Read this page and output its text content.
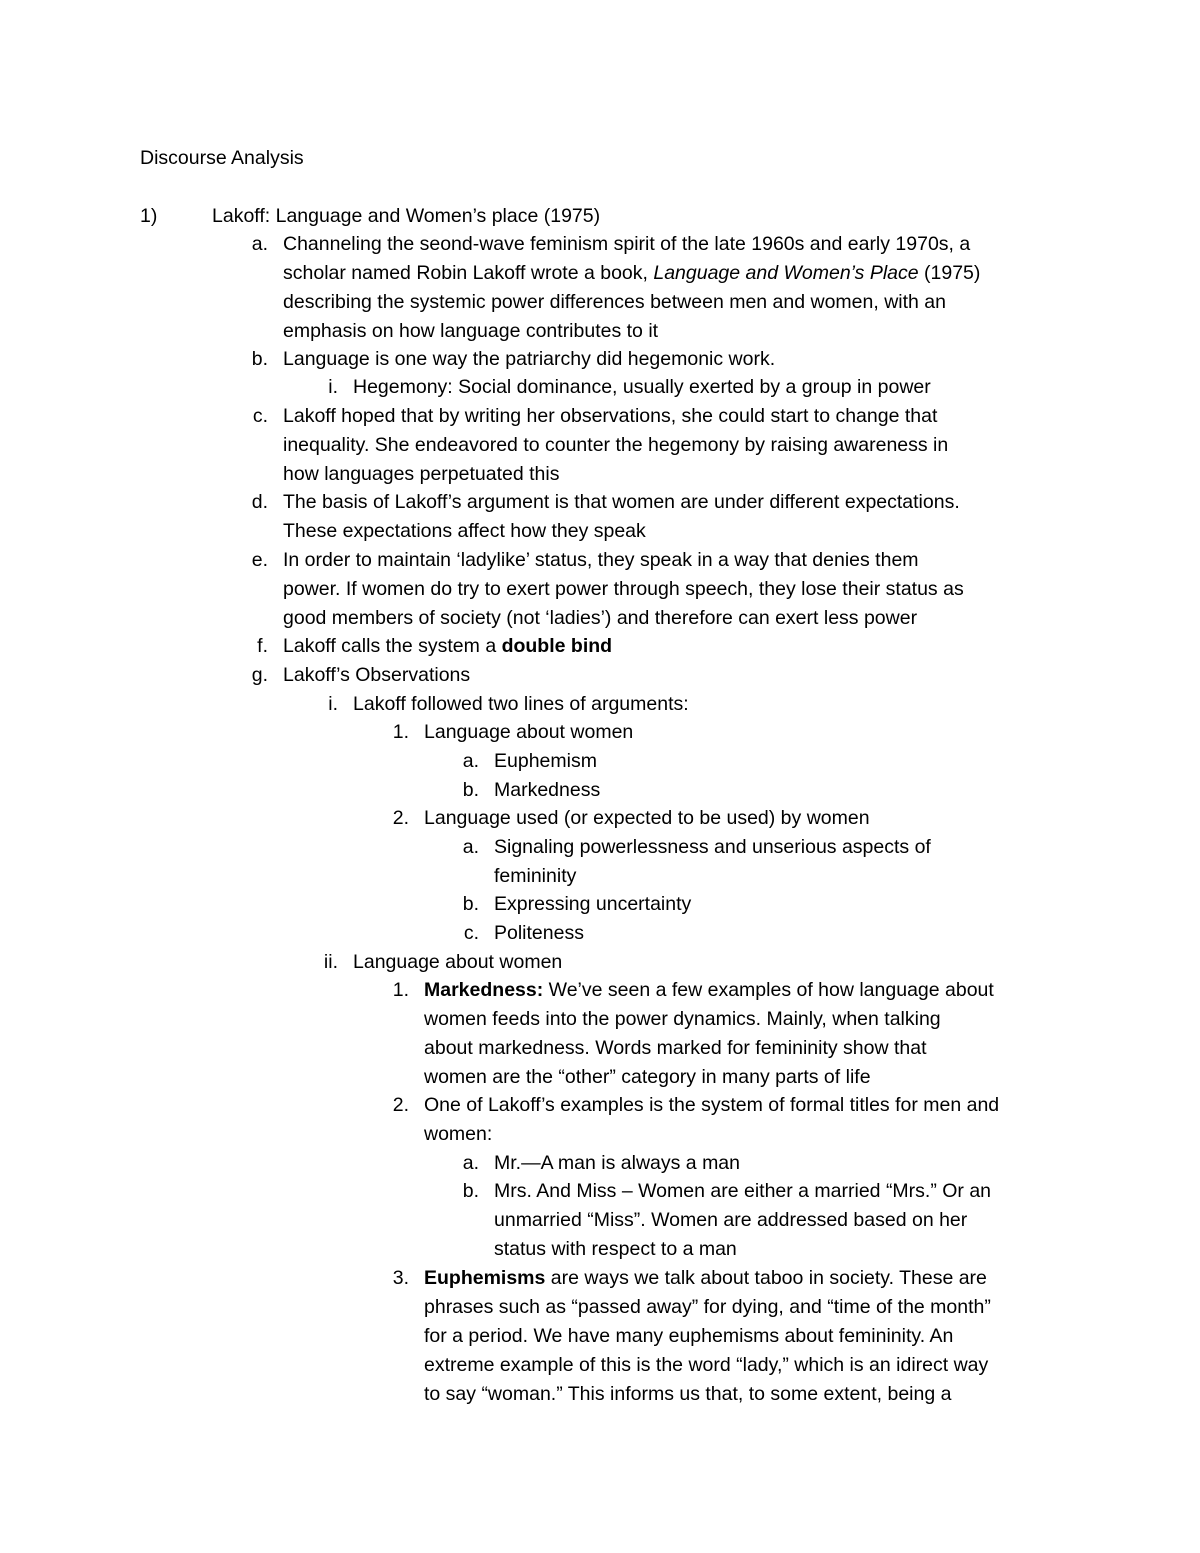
Discourse Analysis
1)	Lakoff: Language and Women’s place (1975)
a. Channeling the seond-wave feminism spirit of the late 1960s and early 1970s, a
scholar named Robin Lakoff wrote a book, Language and Women’s Place (1975)
describing the systemic power differences between men and women, with an
emphasis on how language contributes to it
b. Language is one way the patriarchy did hegemonic work.
i. Hegemony: Social dominance, usually exerted by a group in power
c. Lakoff hoped that by writing her observations, she could start to change that
inequality. She endeavored to counter the hegemony by raising awareness in
how languages perpetuated this
d. The basis of Lakoff’s argument is that women are under different expectations.
These expectations affect how they speak
e. In order to maintain ‘ladylike’ status, they speak in a way that denies them
power. If women do try to exert power through speech, they lose their status as
good members of society (not ‘ladies’) and therefore can exert less power
f. Lakoff calls the system a double bind
g. Lakoff’s Observations
i. Lakoff followed two lines of arguments:
1. Language about women
a. Euphemism
b. Markedness
2. Language used (or expected to be used) by women
a. Signaling powerlessness and unserious aspects of
femininity
b. Expressing uncertainty
c. Politeness
ii. Language about women
1. Markedness: We’ve seen a few examples of how language about
women feeds into the power dynamics. Mainly, when talking
about markedness. Words marked for femininity show that
women are the “other” category in many parts of life
2. One of Lakoff’s examples is the system of formal titles for men and
women:
a. Mr.—A man is always a man
b. Mrs. And Miss – Women are either a married “Mrs.” Or an
unmarried “Miss”. Women are addressed based on her
status with respect to a man
3. Euphemisms are ways we talk about taboo in society. These are
phrases such as “passed away” for dying, and “time of the month”
for a period. We have many euphemisms about femininity. An
extreme example of this is the word “lady,” which is an idirect way
to say “woman.” This informs us that, to some extent, being a
